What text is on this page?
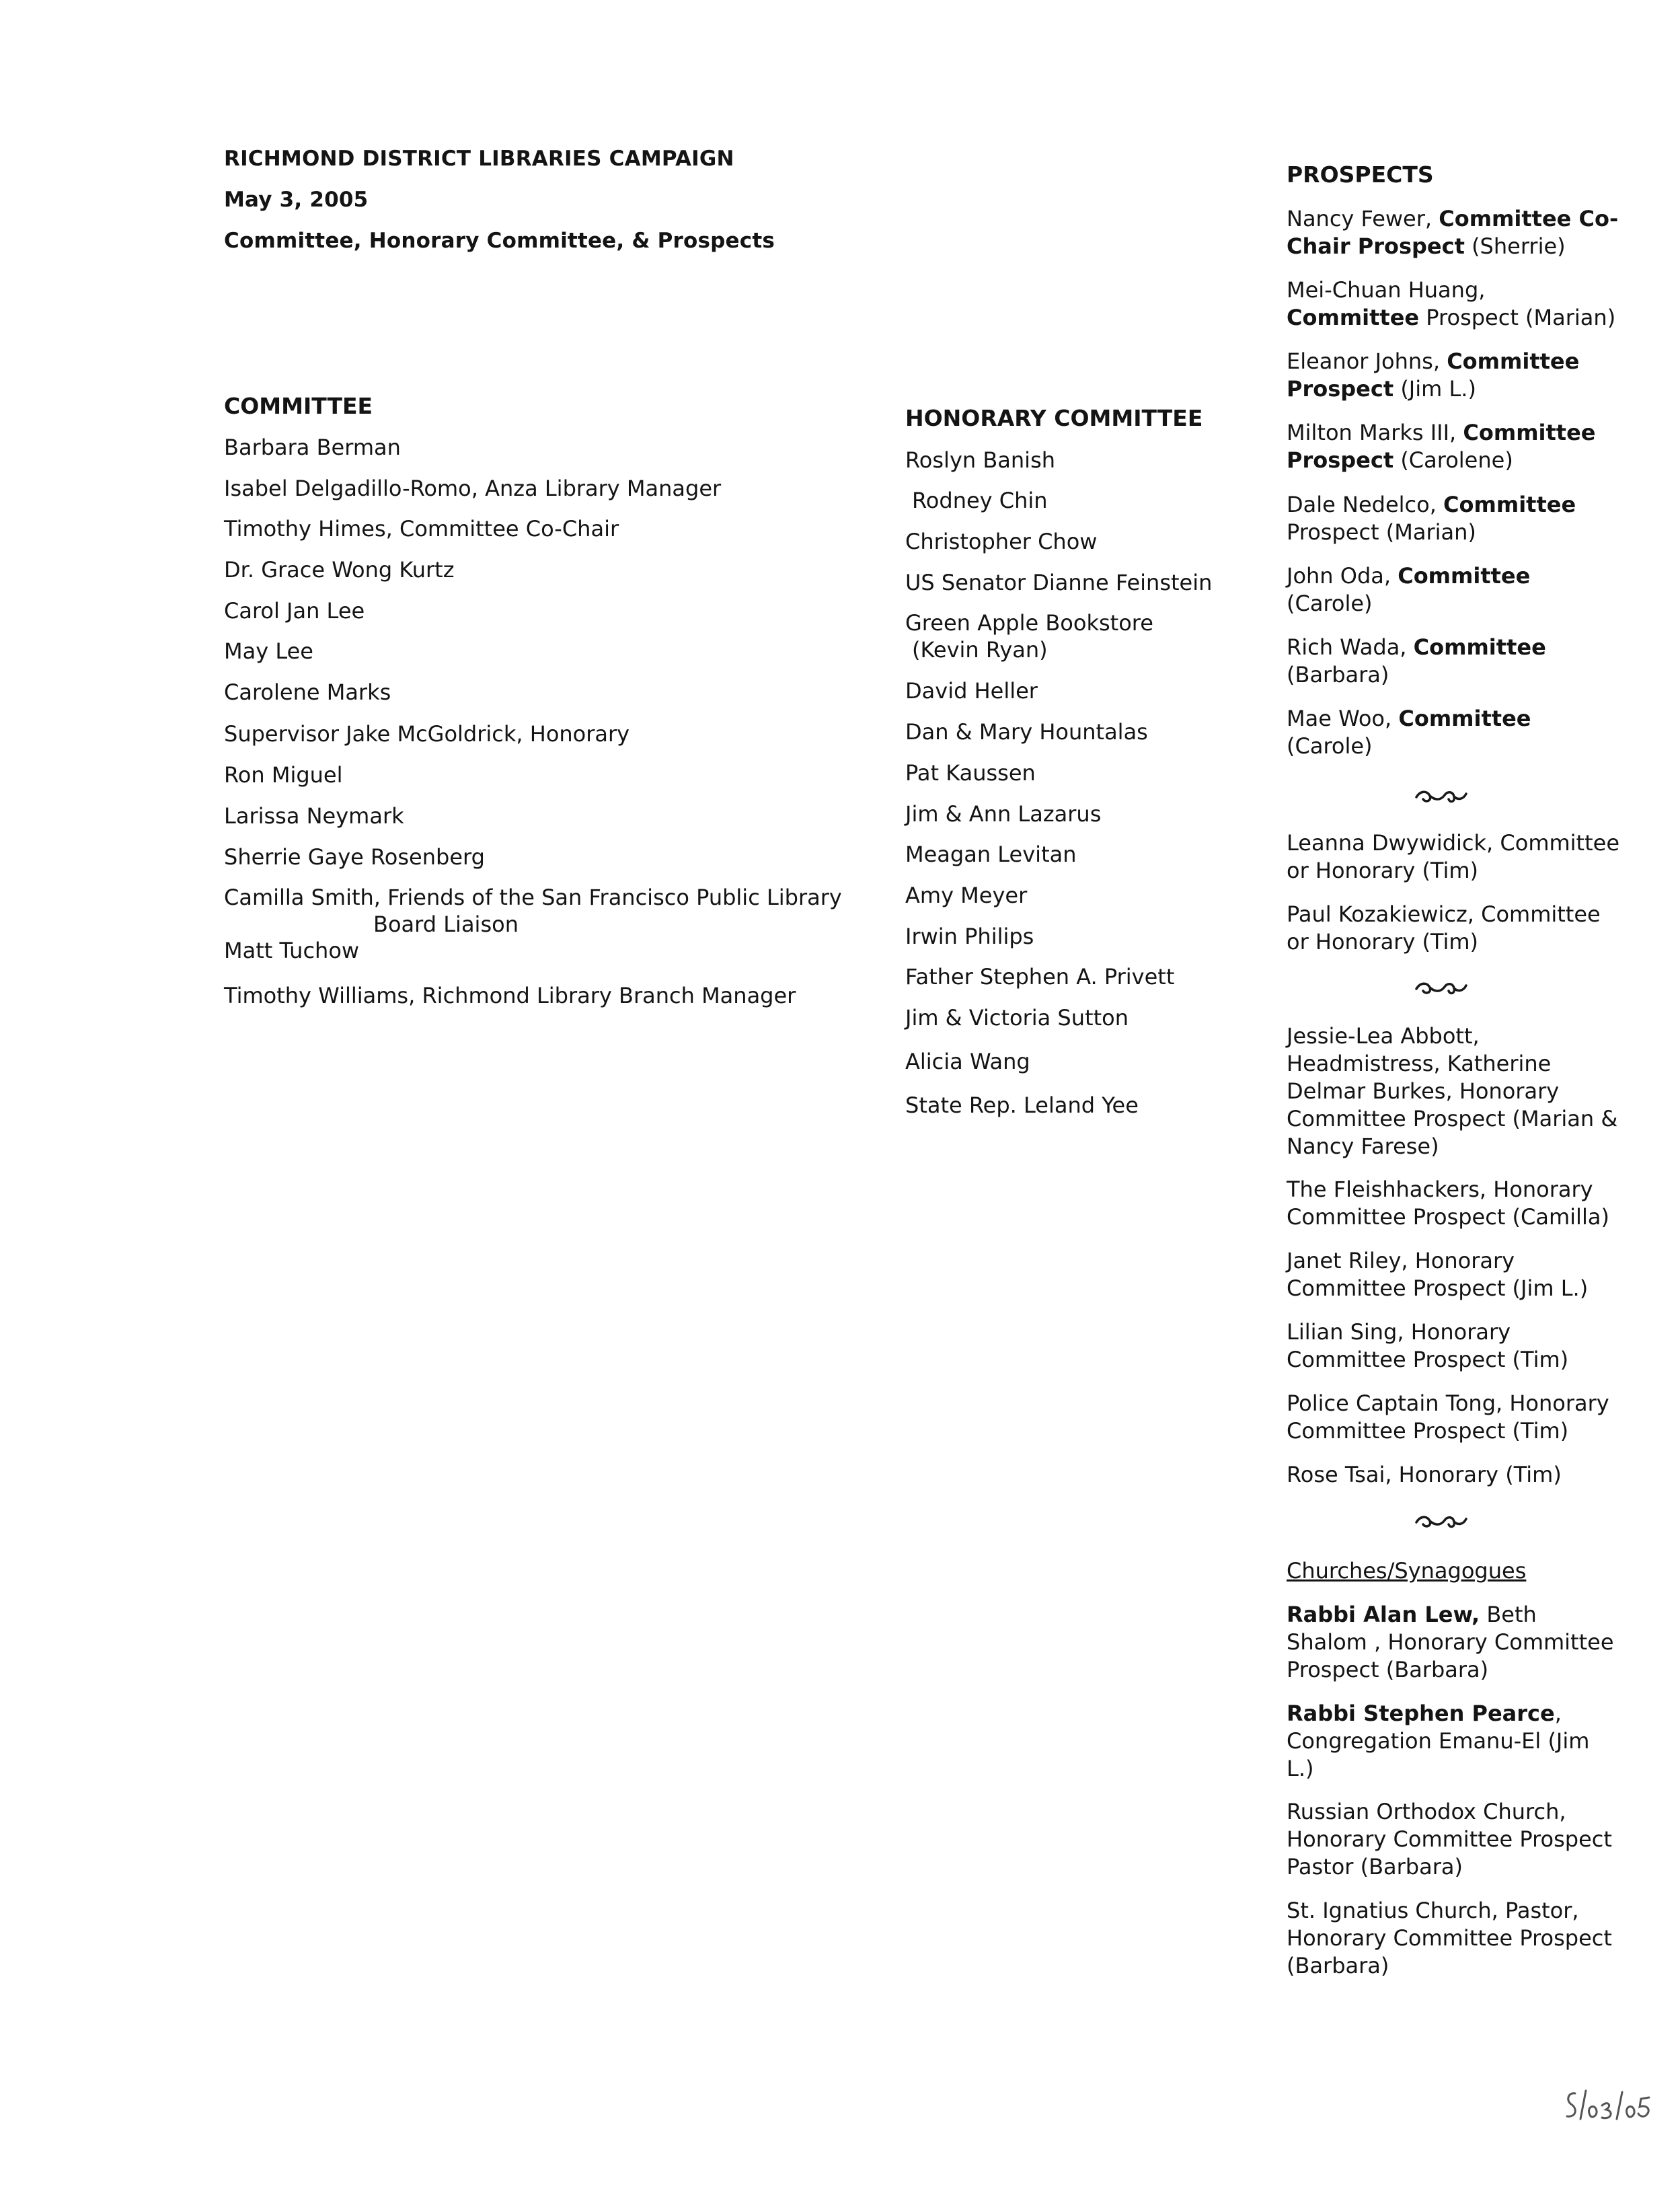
RICHMOND DISTRICT LIBRARIES CAMPAIGN
May 3, 2005
Committee, Honorary Committee, & Prospects
COMMITTEE
Barbara Berman
Isabel Delgadillo-Romo, Anza Library Manager
Timothy Himes, Committee Co-Chair
Dr. Grace Wong Kurtz
Carol Jan Lee
May Lee
Carolene Marks
Supervisor Jake McGoldrick, Honorary
Ron Miguel
Larissa Neymark
Sherrie Gaye Rosenberg
Camilla Smith, Friends of the San Francisco Public Library
Board Liaison
Matt Tuchow
Timothy Williams, Richmond Library Branch Manager
HONORARY COMMITTEE
Roslyn Banish
Rodney Chin
Christopher Chow
US Senator Dianne Feinstein
Green Apple Bookstore
(Kevin Ryan)
David Heller
Dan & Mary Hountalas
Pat Kaussen
Jim & Ann Lazarus
Meagan Levitan
Amy Meyer
Irwin Philips
Father Stephen A. Privett
Jim & Victoria Sutton
Alicia Wang
State Rep. Leland Yee
PROSPECTS
Nancy Fewer, Committee Co-Chair Prospect (Sherrie)
Mei-Chuan Huang, Committee Prospect (Marian)
Eleanor Johns, Committee Prospect (Jim L.)
Milton Marks III, Committee Prospect (Carolene)
Dale Nedelco, Committee Prospect (Marian)
John Oda, Committee (Carole)
Rich Wada, Committee (Barbara)
Mae Woo, Committee (Carole)
Leanna Dwywidick, Committee or Honorary (Tim)
Paul Kozakiewicz, Committee or Honorary (Tim)
Jessie-Lea Abbott, Headmistress, Katherine Delmar Burkes, Honorary Committee Prospect (Marian & Nancy Farese)
The Fleishhackers, Honorary Committee Prospect (Camilla)
Janet Riley, Honorary Committee Prospect (Jim L.)
Lilian Sing, Honorary Committee Prospect (Tim)
Police Captain Tong, Honorary Committee Prospect (Tim)
Rose Tsai, Honorary (Tim)
Churches/Synagogues
Rabbi Alan Lew, Beth Shalom , Honorary Committee Prospect (Barbara)
Rabbi Stephen Pearce, Congregation Emanu-El (Jim L.)
Russian Orthodox Church, Honorary Committee Prospect Pastor (Barbara)
St. Ignatius Church, Pastor, Honorary Committee Prospect (Barbara)
